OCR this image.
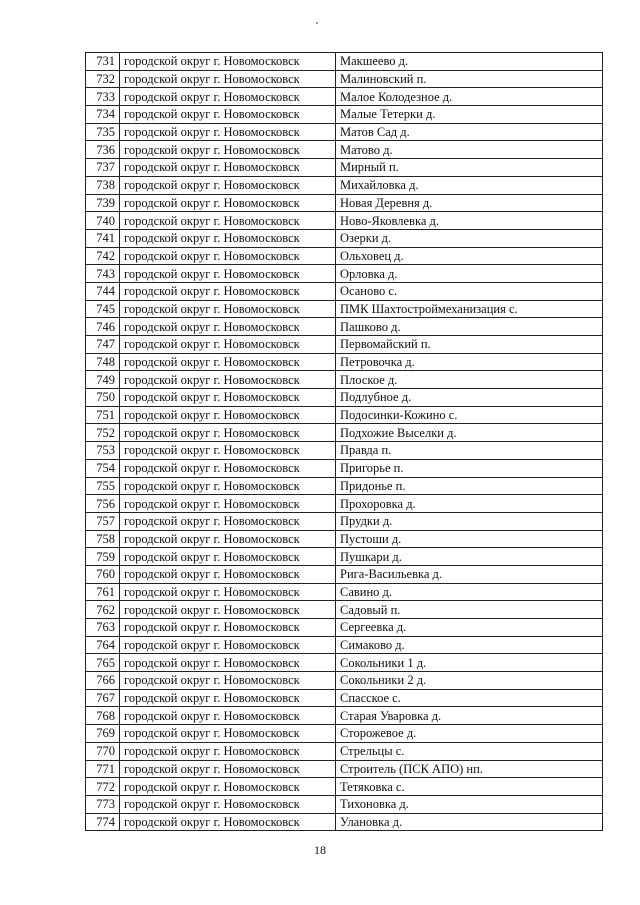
731	городской округ г. Новомосковск	Макшеево д.
732	городской округ г. Новомосковск	Малиновский п.
733	городской округ г. Новомосковск	Малое Колодезное д.
734	городской округ г. Новомосковск	Малые Тетерки д.
735	городской округ г. Новомосковск	Матов Сад д.
736	городской округ г. Новомосковск	Матово д.
737	городской округ г. Новомосковск	Мирный п.
738	городской округ г. Новомосковск	Михайловка д.
739	городской округ г. Новомосковск	Новая Деревня д.
740	городской округ г. Новомосковск	Ново-Яковлевка д.
741	городской округ г. Новомосковск	Озерки д.
742	городской округ г. Новомосковск	Ольховец д.
743	городской округ г. Новомосковск	Орловка д.
744	городской округ г. Новомосковск	Осаново с.
745	городской округ г. Новомосковск	ПМК Шахтостроймеханизация с.
746	городской округ г. Новомосковск	Пашково д.
747	городской округ г. Новомосковск	Первомайский п.
748	городской округ г. Новомосковск	Петровочка д.
749	городской округ г. Новомосковск	Плоское д.
750	городской округ г. Новомосковск	Подлубное д.
751	городской округ г. Новомосковск	Подосинки-Кожино с.
752	городской округ г. Новомосковск	Подхожие Выселки д.
753	городской округ г. Новомосковск	Правда п.
754	городской округ г. Новомосковск	Пригорье п.
755	городской округ г. Новомосковск	Придонье п.
756	городской округ г. Новомосковск	Прохоровка д.
757	городской округ г. Новомосковск	Прудки д.
758	городской округ г. Новомосковск	Пустоши д.
759	городской округ г. Новомосковск	Пушкари д.
760	городской округ г. Новомосковск	Рига-Васильевка д.
761	городской округ г. Новомосковск	Савино д.
762	городской округ г. Новомосковск	Садовый п.
763	городской округ г. Новомосковск	Сергеевка д.
764	городской округ г. Новомосковск	Симаково д.
765	городской округ г. Новомосковск	Сокольники 1 д.
766	городской округ г. Новомосковск	Сокольники 2 д.
767	городской округ г. Новомосковск	Спасское с.
768	городской округ г. Новомосковск	Старая Уваровка д.
769	городской округ г. Новомосковск	Сторожевое д.
770	городской округ г. Новомосковск	Стрельцы с.
771	городской округ г. Новомосковск	Строитель (ПСК АПО) нп.
772	городской округ г. Новомосковск	Тетяковка с.
773	городской округ г. Новомосковск	Тихоновка д.
774	городской округ г. Новомосковск	Улановка д.
18
